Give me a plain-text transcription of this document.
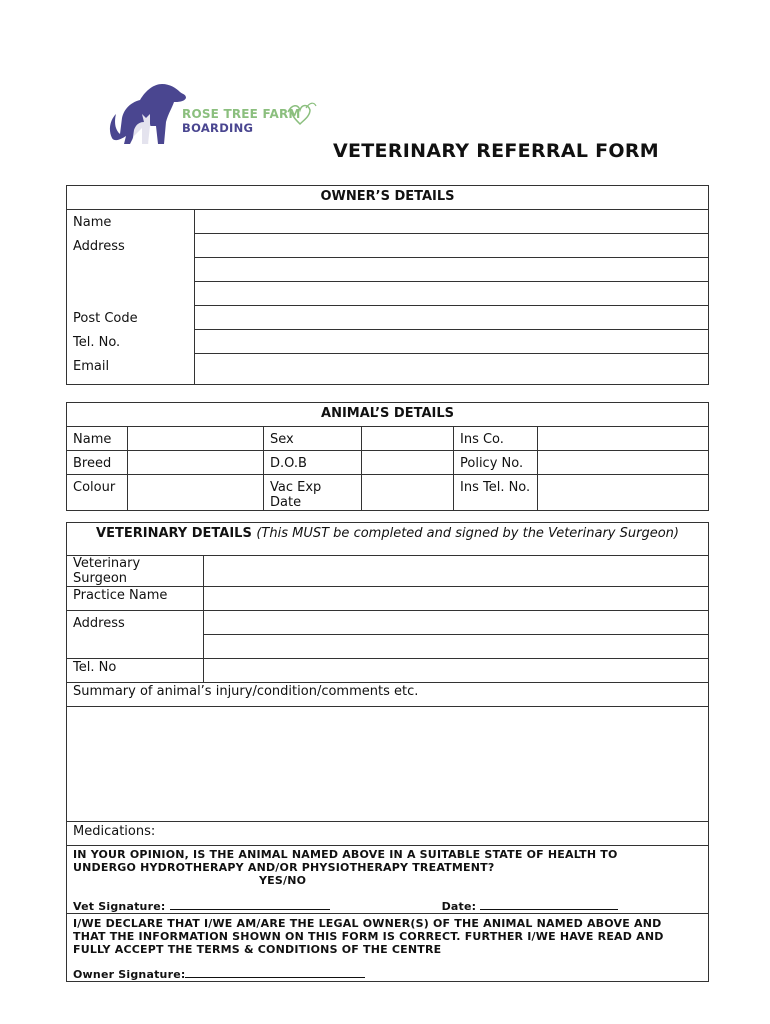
ROSE TREE FARM
BOARDING
VETERINARY REFERRAL FORM
OWNER’S DETAILS	
Name	
Address	

Post Code	
Tel. No.	
Email	
ANIMAL’S DETAILS					
Name		Sex		Ins Co.	
Breed		D.O.B		Policy No.	
Colour		Vac Exp Date		Ins Tel. No.	
VETERINARY DETAILS (This MUST be completed and signed by the Veterinary Surgeon)	
Veterinary Surgeon	
Practice Name	
Address	

Tel. No	
Summary of animal’s injury/condition/comments etc.	

Medications:	

IN YOUR OPINION, IS THE ANIMAL NAMED ABOVE IN A SUITABLE STATE OF HEALTH TO UNDERGO HYDROTHERAPY AND/OR PHYSIOTHERAPY TREATMENT?
YES/NO
Vet Signature: Date:	

I/WE DECLARE THAT I/WE AM/ARE THE LEGAL OWNER(S) OF THE ANIMAL NAMED ABOVE AND THAT THE INFORMATION SHOWN ON THIS FORM IS CORRECT. FURTHER I/WE HAVE READ AND FULLY ACCEPT THE TERMS & CONDITIONS OF THE CENTRE
Owner Signature:	
